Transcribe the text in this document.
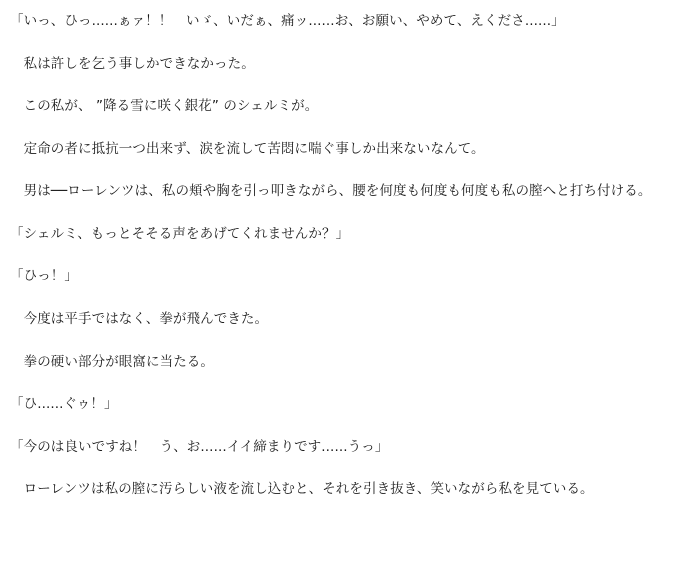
「いっ、ひっ......ぁァ！！　いゞ、いだぁ、痛ッ......お、お願い、やめて、えくださ......」

　私は許しを乞う事しかできなかった。

　この私が、 ”降る雪に咲く銀花” のシェルミが。

　定命の者に抵抗一つ出来ず、涙を流して苦悶に喘ぐ事しか出来ないなんて。

　男は──ローレンツは、私の頬や胸を引っ叩きながら、腰を何度も何度も何度も私の膣へと打ち付ける。

「シェルミ、もっとそそる声をあげてくれませんか？」

「ひっ！」

　今度は平手ではなく、拳が飛んできた。

　拳の硬い部分が眼窩に当たる。

「ひ......ぐゥ！」

「今のは良いですね！　う、お......イイ締まりです......うっ」

　ローレンツは私の膣に汚らしい液を流し込むと、それを引き抜き、笑いながら私を見ている。
